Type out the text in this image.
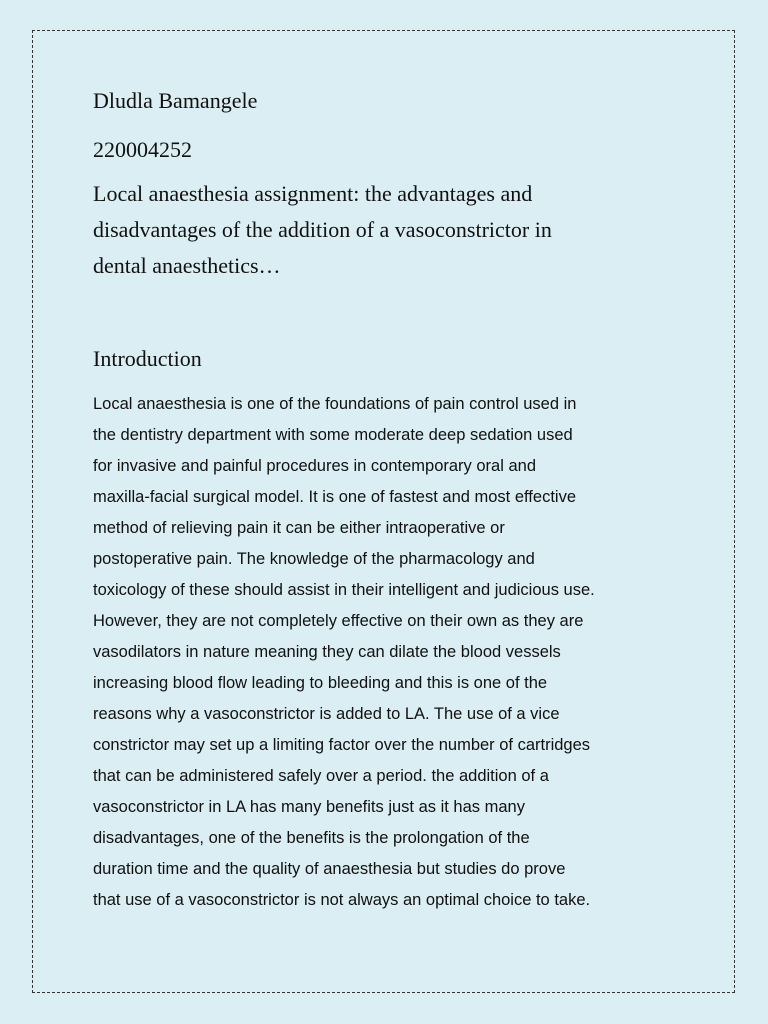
Dludla Bamangele
220004252
Local anaesthesia assignment: the advantages and
disadvantages of the addition of a vasoconstrictor in
dental anaesthetics…
Introduction
Local anaesthesia is one of the foundations of pain control used in
the dentistry department with some moderate deep sedation used
for invasive and painful procedures in contemporary oral and
maxilla-facial surgical model. It is one of fastest and most effective
method of relieving pain it can be either intraoperative or
postoperative pain. The knowledge of the pharmacology and
toxicology of these should assist in their intelligent and judicious use.
However, they are not completely effective on their own as they are
vasodilators in nature meaning they can dilate the blood vessels
increasing blood flow leading to bleeding and this is one of the
reasons why a vasoconstrictor is added to LA. The use of a vice
constrictor may set up a limiting factor over the number of cartridges
that can be administered safely over a period. the addition of a
vasoconstrictor in LA has many benefits just as it has many
disadvantages, one of the benefits is the prolongation of the
duration time and the quality of anaesthesia but studies do prove
that use of a vasoconstrictor is not always an optimal choice to take.
